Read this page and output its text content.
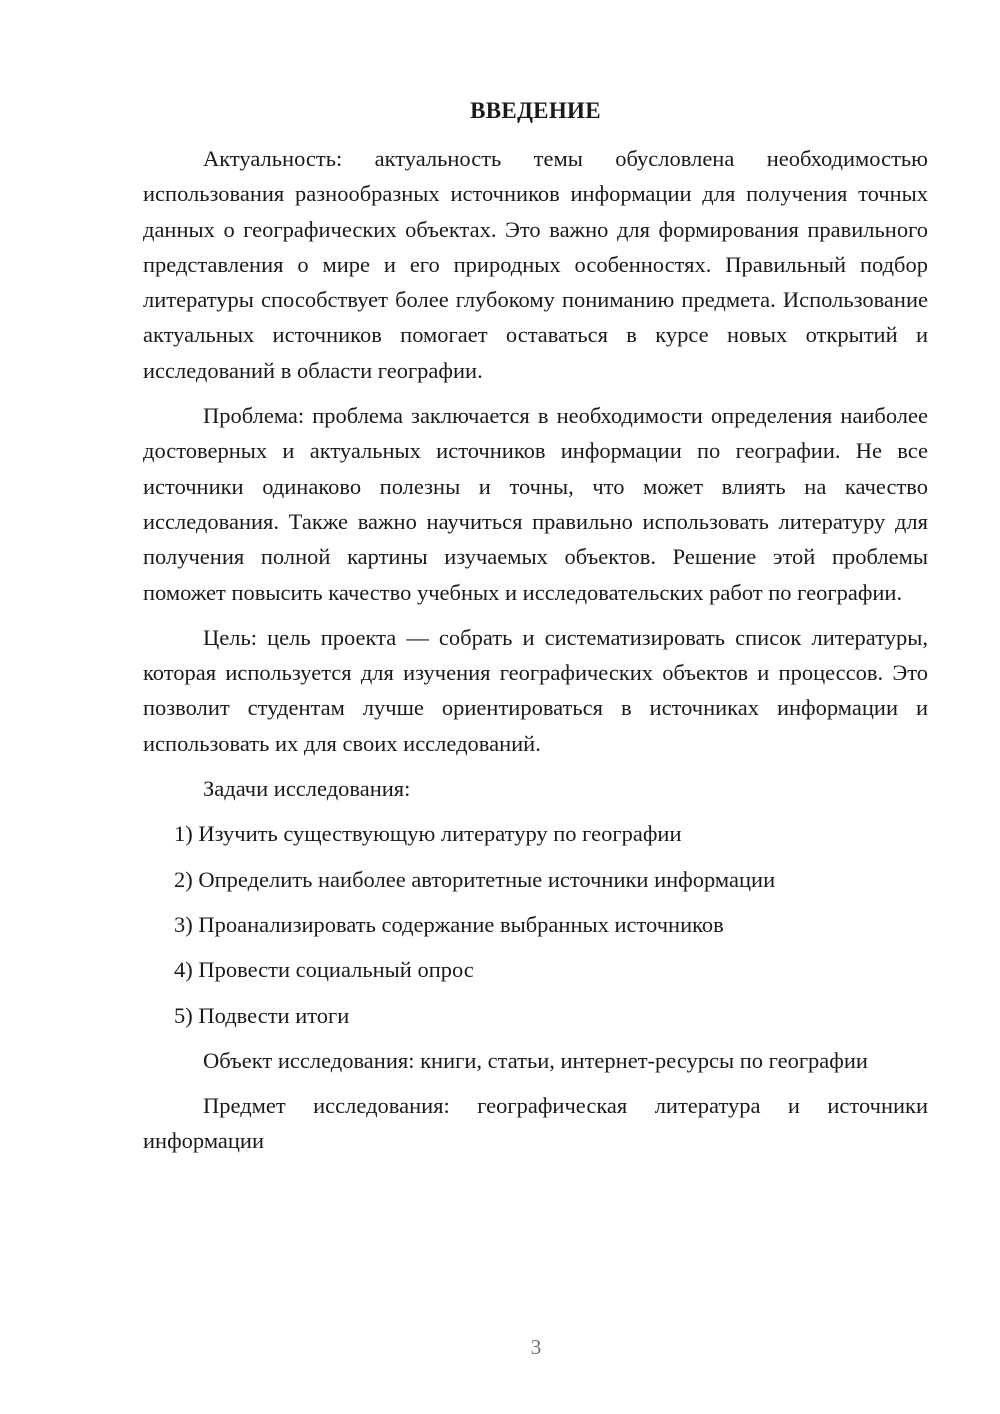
ВВЕДЕНИЕ

Актуальность: актуальность темы обусловлена необходимостью использования разнообразных источников информации для получения точных данных о географических объектах. Это важно для формирования правильного представления о мире и его природных особенностях. Правильный подбор литературы способствует более глубокому пониманию предмета. Использование актуальных источников помогает оставаться в курсе новых открытий и исследований в области географии.

Проблема: проблема заключается в необходимости определения наиболее достоверных и актуальных источников информации по географии. Не все источники одинаково полезны и точны, что может влиять на качество исследования. Также важно научиться правильно использовать литературу для получения полной картины изучаемых объектов. Решение этой проблемы поможет повысить качество учебных и исследовательских работ по географии.

Цель: цель проекта — собрать и систематизировать список литературы, которая используется для изучения географических объектов и процессов. Это позволит студентам лучше ориентироваться в источниках информации и использовать их для своих исследований.

Задачи исследования:

1) Изучить существующую литературу по географии

2) Определить наиболее авторитетные источники информации

3) Проанализировать содержание выбранных источников

4) Провести социальный опрос

5) Подвести итоги

Объект исследования: книги, статьи, интернет-ресурсы по географии

Предмет исследования: географическая литература и источники информации

3
